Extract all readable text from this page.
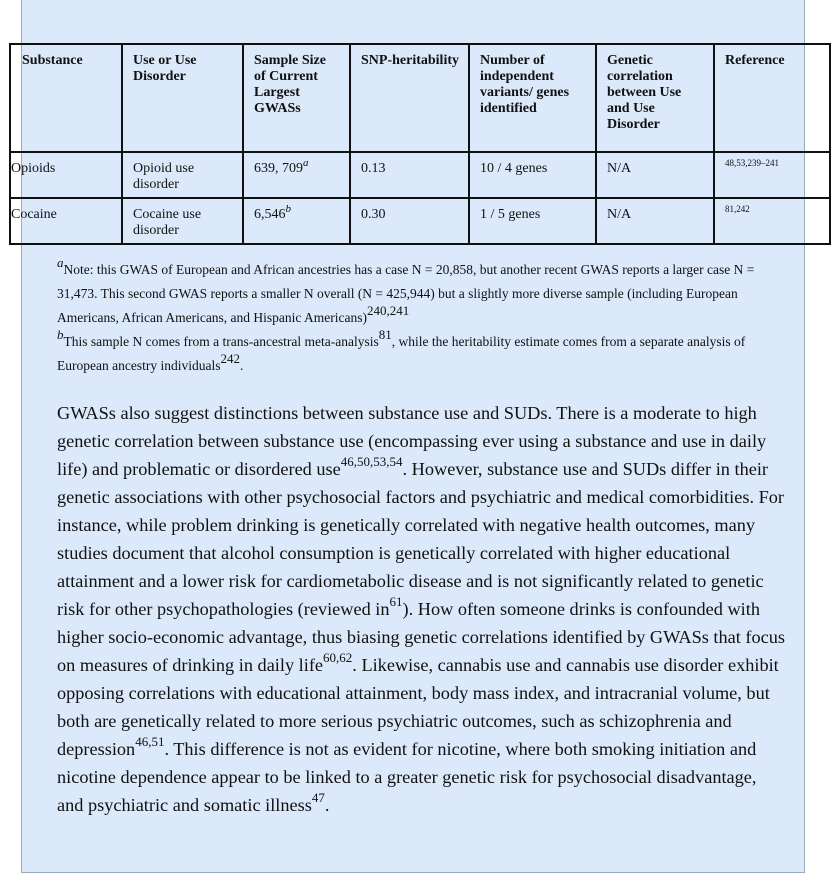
Substance	Use or Use Disorder	Sample Size of Current Largest GWASs	SNP-heritability	Number of independent variants/ genes identified	Genetic correlation between Use and Use Disorder	Reference
Opioids	Opioid use disorder	639, 709$^a$	0.13	10 / 4 genes	N/A	$^{48,53,239-241}$
Cocaine	Cocaine use disorder	6,546$^b$	0.30	1 / 5 genes	N/A	$^{81,242}$

$^a$Note: this GWAS of European and African ancestries has a case N = 20,858, but another recent GWAS reports a larger case N = 31,473. This second GWAS reports a smaller N overall (N = 425,944) but a slightly more diverse sample (including European Americans, African Americans, and Hispanic Americans)$^{240,241}$

$^b$This sample N comes from a trans-ancestral meta-analysis$^{81}$, while the heritability estimate comes from a separate analysis of European ancestry individuals$^{242}$.

GWASs also suggest distinctions between substance use and SUDs. There is a moderate to high genetic correlation between substance use (encompassing ever using a substance and use in daily life) and problematic or disordered use$^{46,50,53,54}$. However, substance use and SUDs differ in their genetic associations with other psychosocial factors and psychiatric and medical comorbidities. For instance, while problem drinking is genetically correlated with negative health outcomes, many studies document that alcohol consumption is genetically correlated with higher educational attainment and a lower risk for cardiometabolic disease and is not significantly related to genetic risk for other psychopathologies (reviewed $in^{61}$). How often someone drinks is confounded with higher socio-economic advantage, thus biasing genetic correlations identified by GWASs that focus on measures of drinking in daily life$^{60,62}$. Likewise, cannabis use and cannabis use disorder exhibit opposing correlations with educational attainment, body mass index, and intracranial volume, but both are genetically related to more serious psychiatric outcomes, such as schizophrenia and depression$^{46,51}$. This difference is not as evident for nicotine, where both smoking initiation and nicotine dependence appear to be linked to a greater genetic risk for psychosocial disadvantage, and psychiatric and somatic illness$^{47}$.
